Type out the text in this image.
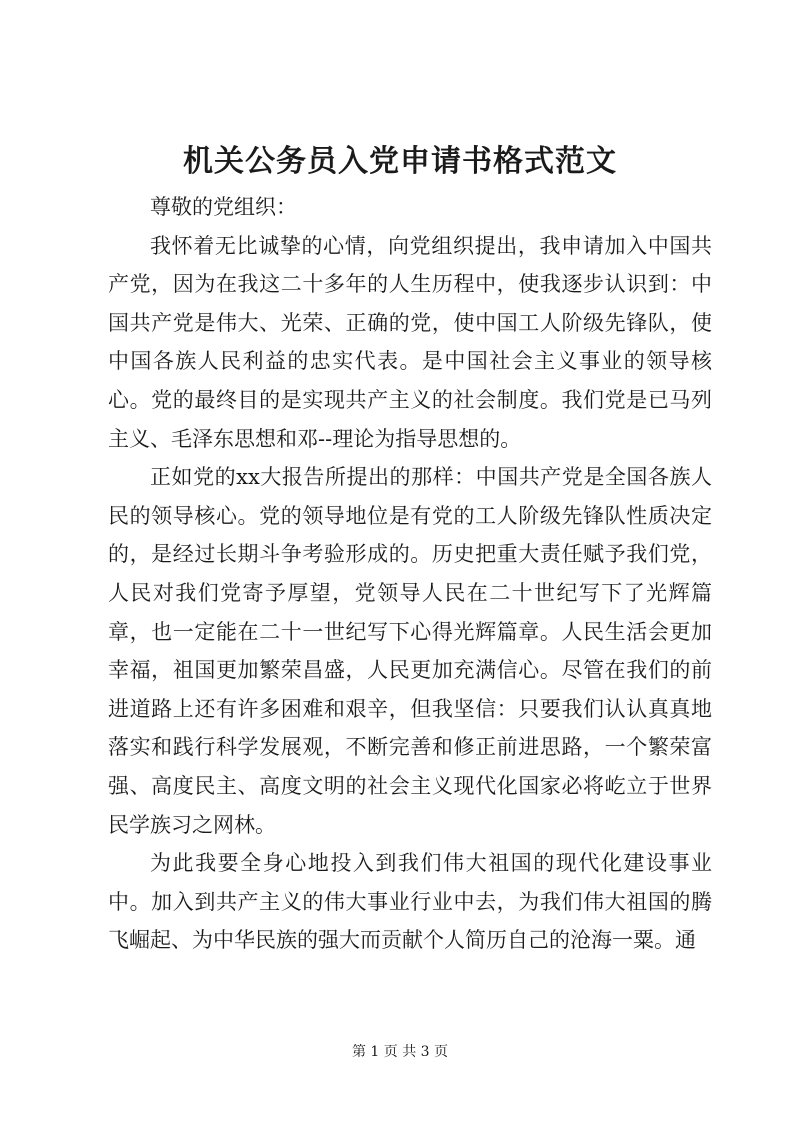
机关公务员入党申请书格式范文

尊敬的党组织：

我怀着无比诚挚的心情，向党组织提出，我申请加入中国共产党，因为在我这二十多年的人生历程中，使我逐步认识到：中国共产党是伟大、光荣、正确的党，使中国工人阶级先锋队，使中国各族人民利益的忠实代表。是中国社会主义事业的领导核心。党的最终目的是实现共产主义的社会制度。我们党是已马列主义、毛泽东思想和邓--理论为指导思想的。

正如党的xx大报告所提出的那样：中国共产党是全国各族人民的领导核心。党的领导地位是有党的工人阶级先锋队性质决定的，是经过长期斗争考验形成的。历史把重大责任赋予我们党，人民对我们党寄予厚望，党领导人民在二十世纪写下了光辉篇章，也一定能在二十一世纪写下心得光辉篇章。人民生活会更加幸福，祖国更加繁荣昌盛，人民更加充满信心。尽管在我们的前进道路上还有许多困难和艰辛，但我坚信：只要我们认认真真地落实和践行科学发展观，不断完善和修正前进思路，一个繁荣富强、高度民主、高度文明的社会主义现代化国家必将屹立于世界民学族习之网林。

为此我要全身心地投入到我们伟大祖国的现代化建设事业中。加入到共产主义的伟大事业行业中去，为我们伟大祖国的腾飞崛起、为中华民族的强大而贡献个人简历自己的沧海一粟。通

第 1 页 共 3 页
